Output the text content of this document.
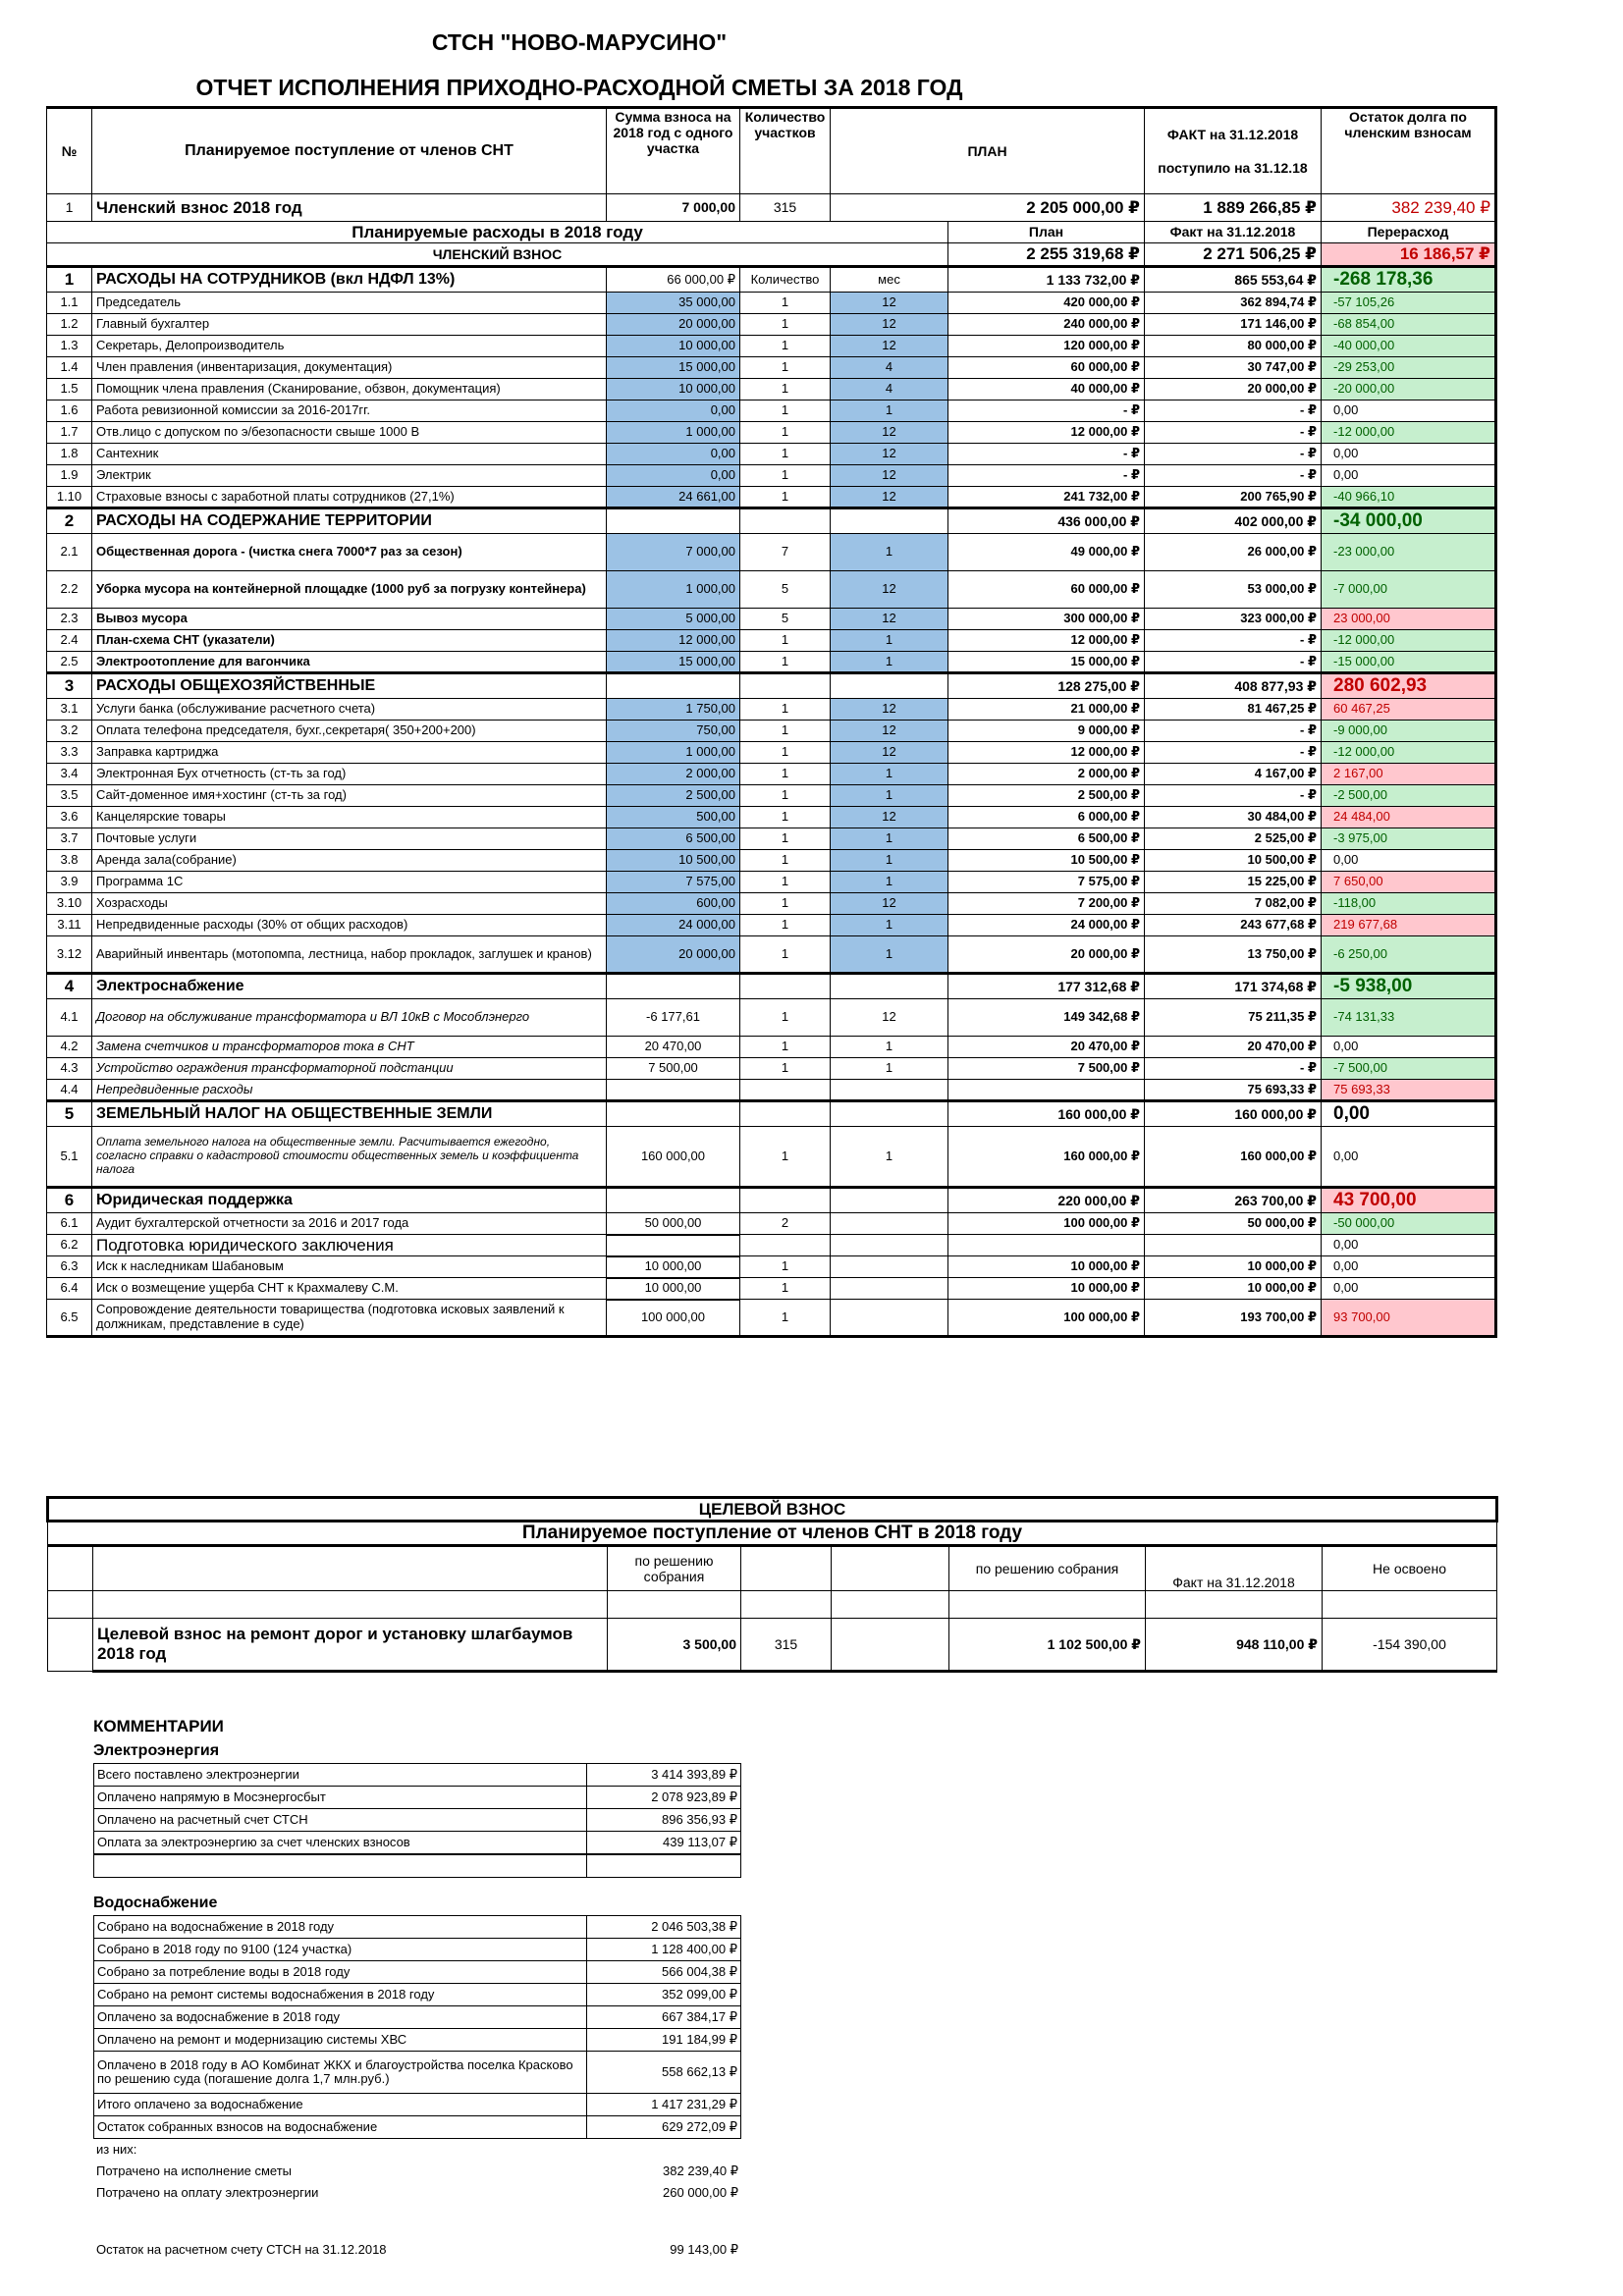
СТСН "НОВО-МАРУСИНО"
ОТЧЕТ ИСПОЛНЕНИЯ ПРИХОДНО-РАСХОДНОЙ СМЕТЫ ЗА 2018 ГОД
№	Планируемое поступление от членов СНТ	Сумма взноса на 2018 год с одного участка	Количество участков	ПЛАН		ФАКТ на 31.12.2018
поступило на 31.12.18	Остаток долга по членским взносам
1	Членский взнос 2018 год	7 000,00	315	2 205 000,00 ₽		1 889 266,85 ₽	382 239,40 ₽
Планируемые расходы в 2018 году					План	Факт на 31.12.2018	Перерасход
ЧЛЕНСКИЙ ВЗНОС					2 255 319,68 ₽	2 271 506,25 ₽	16 186,57 ₽
1	РАСХОДЫ НА СОТРУДНИКОВ (вкл НДФЛ 13%)	66 000,00 ₽	Количество	мес	1 133 732,00 ₽	865 553,64 ₽	-268 178,36
1.1	Председатель	35 000,00	1	12	420 000,00 ₽	362 894,74 ₽	-57 105,26
1.2	Главный бухгалтер	20 000,00	1	12	240 000,00 ₽	171 146,00 ₽	-68 854,00
1.3	Секретарь, Делопроизводитель	10 000,00	1	12	120 000,00 ₽	80 000,00 ₽	-40 000,00
1.4	Член правления (инвентаризация, документация)	15 000,00	1	4	60 000,00 ₽	30 747,00 ₽	-29 253,00
1.5	Помощник члена правления (Сканирование, обзвон, документация)	10 000,00	1	4	40 000,00 ₽	20 000,00 ₽	-20 000,00
1.6	Работа ревизионной комиссии за 2016-2017гг.	0,00	1	1	- ₽	- ₽	0,00
1.7	Отв.лицо с допуском по э/безопасности свыше 1000 В	1 000,00	1	12	12 000,00 ₽	- ₽	-12 000,00
1.8	Сантехник	0,00	1	12	- ₽	- ₽	0,00
1.9	Электрик	0,00	1	12	- ₽	- ₽	0,00
1.10	Страховые взносы с заработной платы сотрудников (27,1%)	24 661,00	1	12	241 732,00 ₽	200 765,90 ₽	-40 966,10
2	РАСХОДЫ НА СОДЕРЖАНИЕ ТЕРРИТОРИИ				436 000,00 ₽	402 000,00 ₽	-34 000,00
2.1	Общественная дорога - (чистка снега 7000*7 раз за сезон)	7 000,00	7	1	49 000,00 ₽	26 000,00 ₽	-23 000,00
2.2	Уборка мусора на контейнерной площадке (1000 руб за погрузку контейнера)	1 000,00	5	12	60 000,00 ₽	53 000,00 ₽	-7 000,00
2.3	Вывоз мусора	5 000,00	5	12	300 000,00 ₽	323 000,00 ₽	23 000,00
2.4	План-схема СНТ (указатели)	12 000,00	1	1	12 000,00 ₽	- ₽	-12 000,00
2.5	Электроотопление для вагончика	15 000,00	1	1	15 000,00 ₽	- ₽	-15 000,00
3	РАСХОДЫ ОБЩЕХОЗЯЙСТВЕННЫЕ				128 275,00 ₽	408 877,93 ₽	280 602,93
3.1	Услуги банка (обслуживание расчетного счета)	1 750,00	1	12	21 000,00 ₽	81 467,25 ₽	60 467,25
3.2	Оплата телефона председателя, бухг.,секретаря( 350+200+200)	750,00	1	12	9 000,00 ₽	- ₽	-9 000,00
3.3	Заправка картриджа	1 000,00	1	12	12 000,00 ₽	- ₽	-12 000,00
3.4	Электронная Бух отчетность (ст-ть за год)	2 000,00	1	1	2 000,00 ₽	4 167,00 ₽	2 167,00
3.5	Сайт-доменное имя+хостинг (ст-ть за год)	2 500,00	1	1	2 500,00 ₽	- ₽	-2 500,00
3.6	Канцелярские товары	500,00	1	12	6 000,00 ₽	30 484,00 ₽	24 484,00
3.7	Почтовые услуги	6 500,00	1	1	6 500,00 ₽	2 525,00 ₽	-3 975,00
3.8	Аренда зала(собрание)	10 500,00	1	1	10 500,00 ₽	10 500,00 ₽	0,00
3.9	Программа 1С	7 575,00	1	1	7 575,00 ₽	15 225,00 ₽	7 650,00
3.10	Хозрасходы	600,00	1	12	7 200,00 ₽	7 082,00 ₽	-118,00
3.11	Непредвиденные расходы (30% от общих расходов)	24 000,00	1	1	24 000,00 ₽	243 677,68 ₽	219 677,68
3.12	Аварийный инвентарь (мотопомпа, лестница, набор прокладок, заглушек и кранов)	20 000,00	1	1	20 000,00 ₽	13 750,00 ₽	-6 250,00
4	Электроснабжение				177 312,68 ₽	171 374,68 ₽	-5 938,00
4.1	Договор на обслуживание трансформатора и ВЛ 10кВ с Мособлэнерго	-6 177,61	1	12	149 342,68 ₽	75 211,35 ₽	-74 131,33
4.2	Замена счетчиков и трансформаторов тока в СНТ	20 470,00	1	1	20 470,00 ₽	20 470,00 ₽	0,00
4.3	Устройство ограждения трансформаторной подстанции	7 500,00	1	1	7 500,00 ₽	- ₽	-7 500,00
4.4	Непредвиденные расходы					75 693,33 ₽	75 693,33
5	ЗЕМЕЛЬНЫЙ НАЛОГ НА ОБЩЕСТВЕННЫЕ ЗЕМЛИ				160 000,00 ₽	160 000,00 ₽	0,00
5.1	Оплата земельного налога на общественные земли. Расчитывается ежегодно, согласно справки о кадастровой стоимости общественных земель и коэффициента налога	160 000,00	1	1	160 000,00 ₽	160 000,00 ₽	0,00
6	Юридическая поддержка				220 000,00 ₽	263 700,00 ₽	43 700,00
6.1	Аудит бухгалтерской отчетности за 2016 и 2017 года	50 000,00	2		100 000,00 ₽	50 000,00 ₽	-50 000,00
6.2	Подготовка юридического заключения						0,00
6.3	Иск к наследникам Шабановым	10 000,00	1		10 000,00 ₽	10 000,00 ₽	0,00
6.4	Иск о возмещение ущерба СНТ к Крахмалеву С.М.	10 000,00	1		10 000,00 ₽	10 000,00 ₽	0,00
6.5	Сопровождение деятельности товарищества (подготовка исковых заявлений к должникам, представление в суде)	100 000,00	1		100 000,00 ₽	193 700,00 ₽	93 700,00
ЦЕЛЕВОЙ ВЗНОС							
Планируемое поступление от членов СНТ в 2018 году							
		по решению собрания			по решению собрания	Факт на 31.12.2018	Не освоено

	Целевой взнос на ремонт дорог и установку шлагбаумов 2018 год	3 500,00	315		1 102 500,00 ₽	948 110,00 ₽	-154 390,00
КОММЕНТАРИИ
Электроэнергия
Всего поставлено электроэнергии	3 414 393,89 ₽
Оплачено напрямую в Мосэнергосбыт	2 078 923,89 ₽
Оплачено на расчетный счет СТСН	896 356,93 ₽
Оплата за электроэнергию за счет членских взносов	439 113,07 ₽

Водоснабжение
Собрано на водоснабжение в 2018 году	2 046 503,38 ₽
Собрано в 2018 году по 9100 (124 участка)	1 128 400,00 ₽
Собрано за потребление воды в 2018 году	566 004,38 ₽
Собрано на ремонт системы водоснабжения в 2018 году	352 099,00 ₽
Оплачено за водоснабжение в 2018 году	667 384,17 ₽
Оплачено на ремонт и модернизацию системы ХВС	191 184,99 ₽
Оплачено в 2018 году в АО Комбинат ЖКХ и благоустройства поселка Красково по решению суда (погашение долга 1,7 млн.руб.)	558 662,13 ₽
Итого оплачено за водоснабжение	1 417 231,29 ₽
Остаток собранных взносов на водоснабжение	629 272,09 ₽
из них:	
Потрачено на исполнение сметы	382 239,40 ₽
Потрачено на оплату электроэнергии	260 000,00 ₽

Остаток на расчетном счету СТСН на 31.12.2018	99 143,00 ₽
